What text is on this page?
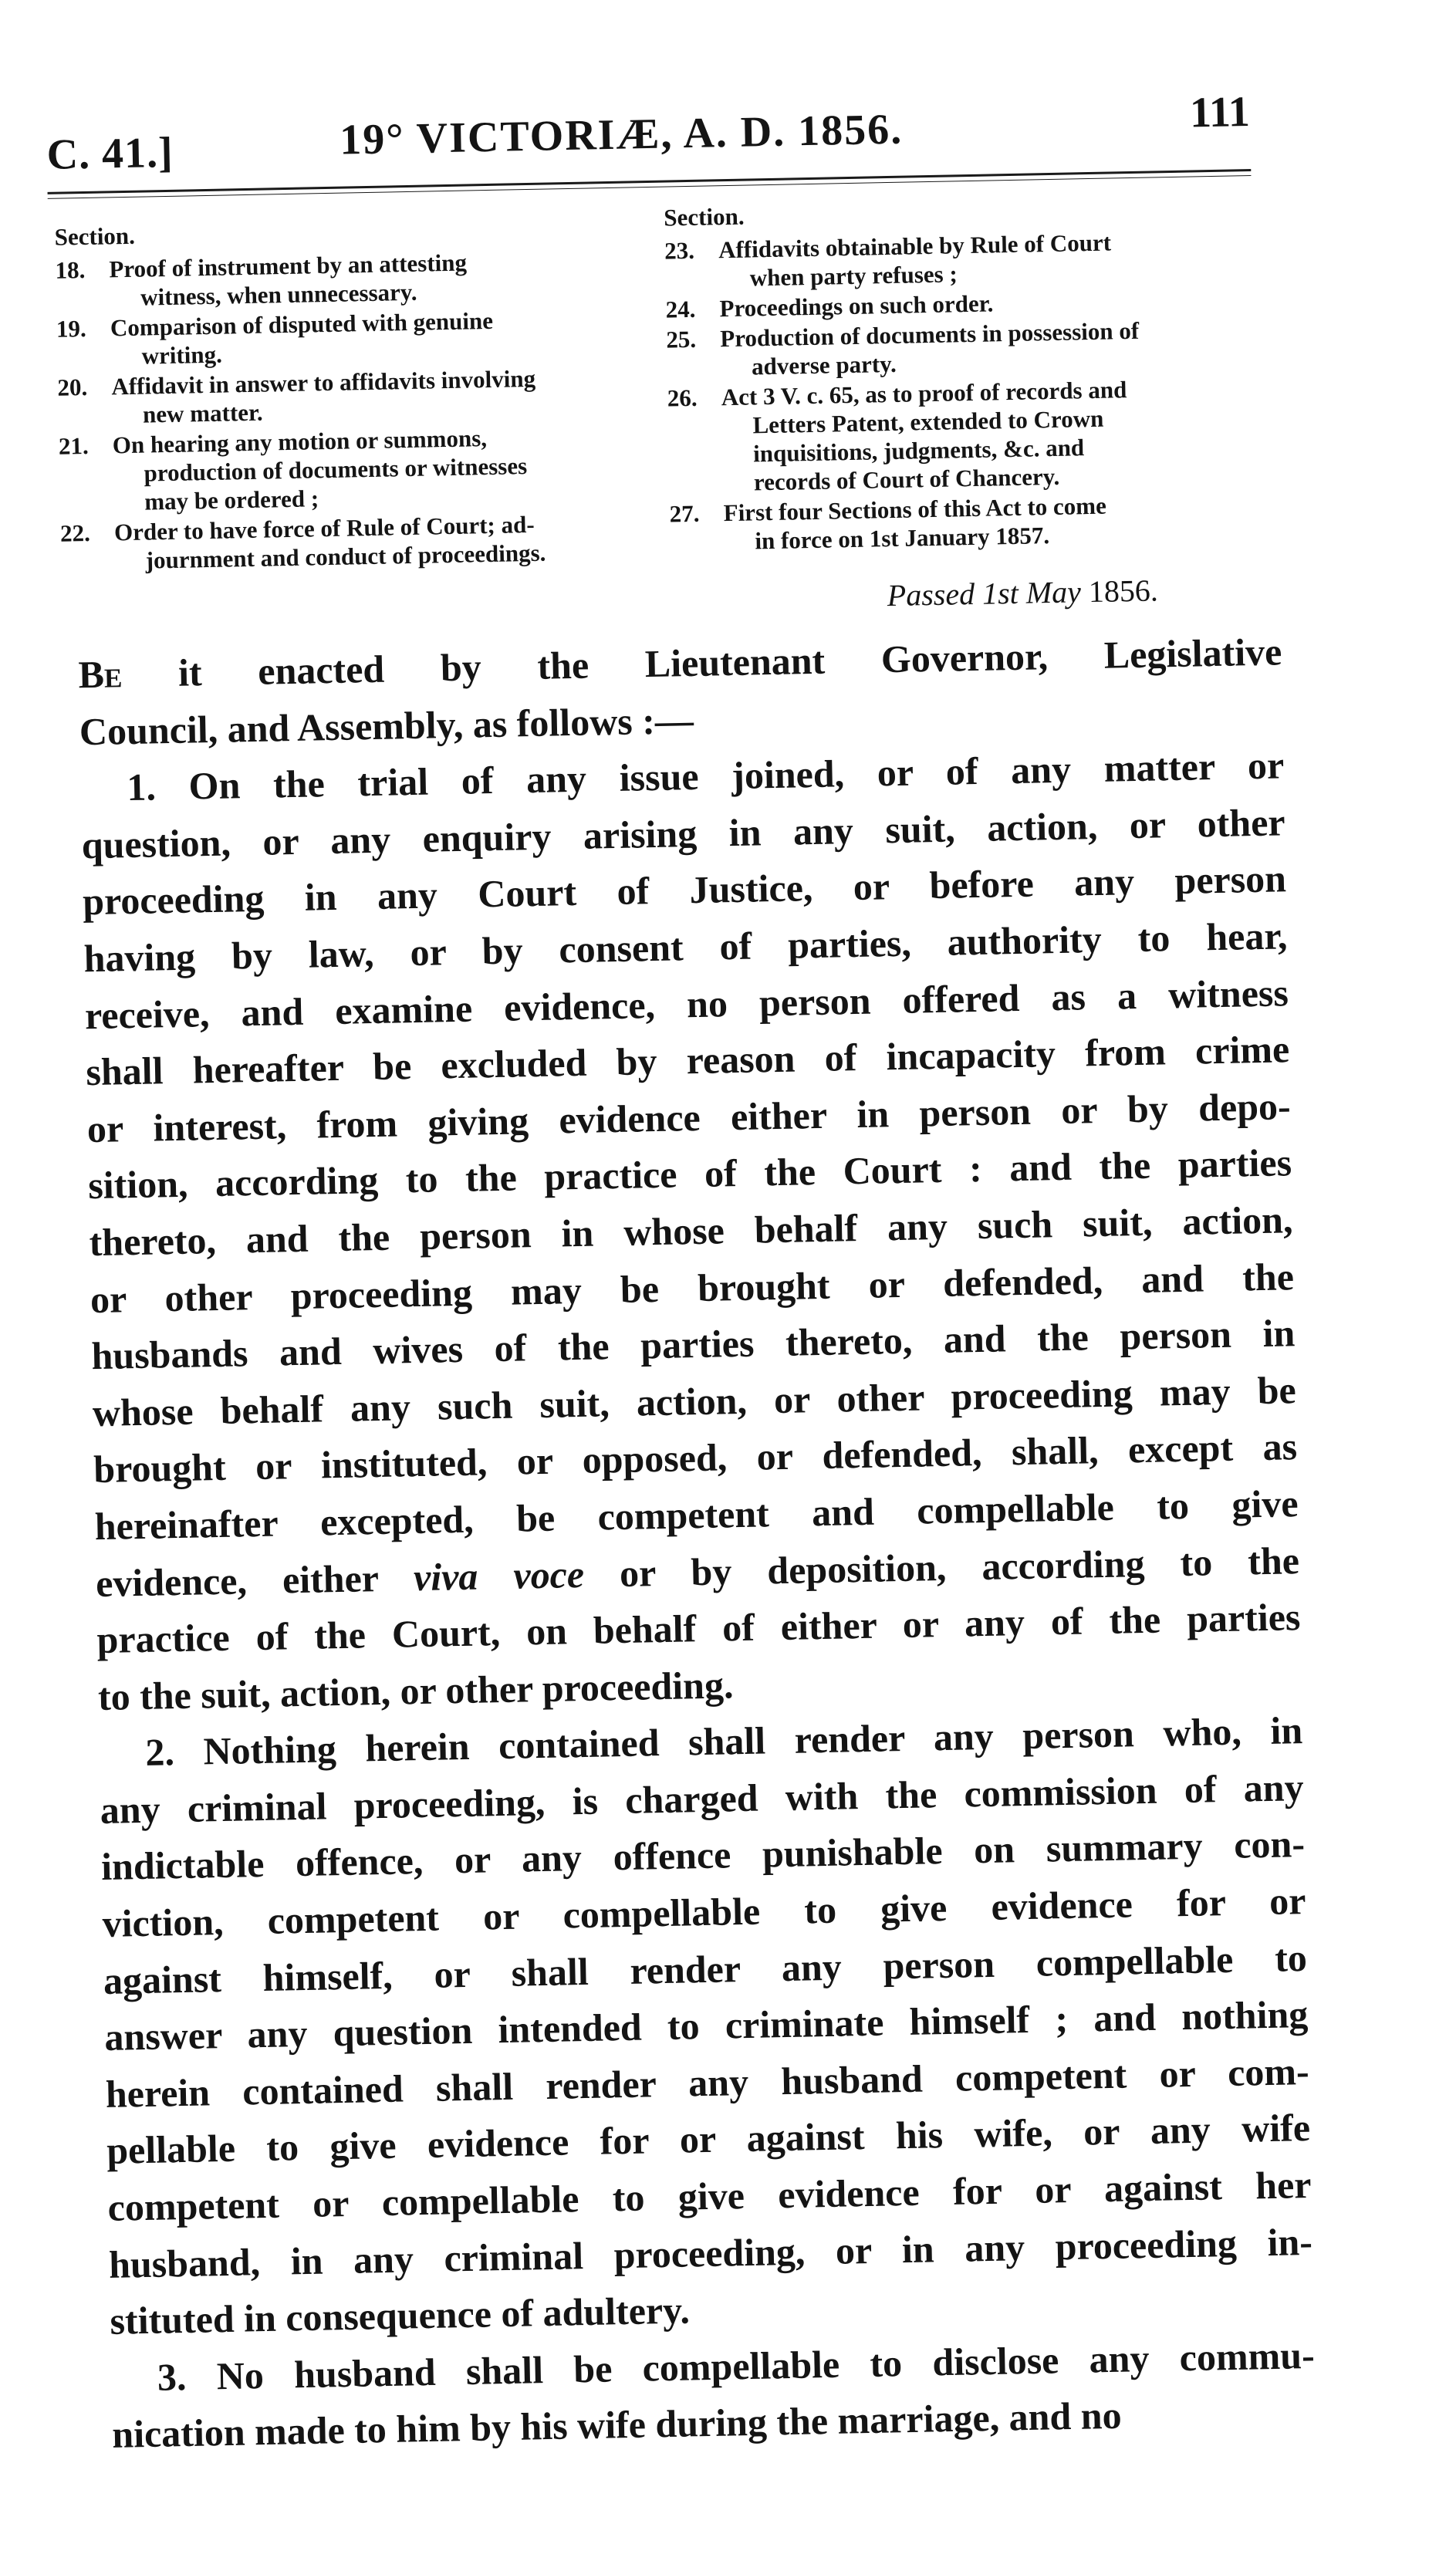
C. 41.]	19° VICTORIÆ, A. D. 1856.	111
Section.
18. Proof of instrument by an attesting
witness, when unnecessary.
19. Comparison of disputed with genuine
writing.
20. Affidavit in answer to affidavits involving
new matter.
21. On hearing any motion or summons,
production of documents or witnesses
may be ordered ;
22. Order to have force of Rule of Court; ad-
journment and conduct of proceedings.
Section.
23. Affidavits obtainable by Rule of Court
when party refuses ;
24. Proceedings on such order.
25. Production of documents in possession of
adverse party.
26. Act 3 V. c. 65, as to proof of records and
Letters Patent, extended to Crown
inquisitions, judgments, &c. and
records of Court of Chancery.
27. First four Sections of this Act to come
in force on 1st January 1857.
Passed 1st May 1856.
Be it enacted by the Lieutenant Governor, Legislative
Council, and Assembly, as follows :—
1. On the trial of any issue joined, or of any matter or
question, or any enquiry arising in any suit, action, or other
proceeding in any Court of Justice, or before any person
having by law, or by consent of parties, authority to hear,
receive, and examine evidence, no person offered as a witness
shall hereafter be excluded by reason of incapacity from crime
or interest, from giving evidence either in person or by depo-
sition, according to the practice of the Court : and the parties
thereto, and the person in whose behalf any such suit, action,
or other proceeding may be brought or defended, and the
husbands and wives of the parties thereto, and the person in
whose behalf any such suit, action, or other proceeding may be
brought or instituted, or opposed, or defended, shall, except as
hereinafter excepted, be competent and compellable to give
evidence, either viva voce or by deposition, according to the
practice of the Court, on behalf of either or any of the parties
to the suit, action, or other proceeding.
2. Nothing herein contained shall render any person who, in
any criminal proceeding, is charged with the commission of any
indictable offence, or any offence punishable on summary con-
viction, competent or compellable to give evidence for or
against himself, or shall render any person compellable to
answer any question intended to criminate himself ; and nothing
herein contained shall render any husband competent or com-
pellable to give evidence for or against his wife, or any wife
competent or compellable to give evidence for or against her
husband, in any criminal proceeding, or in any proceeding in-
stituted in consequence of adultery.
3. No husband shall be compellable to disclose any commu-
nication made to him by his wife during the marriage, and no
